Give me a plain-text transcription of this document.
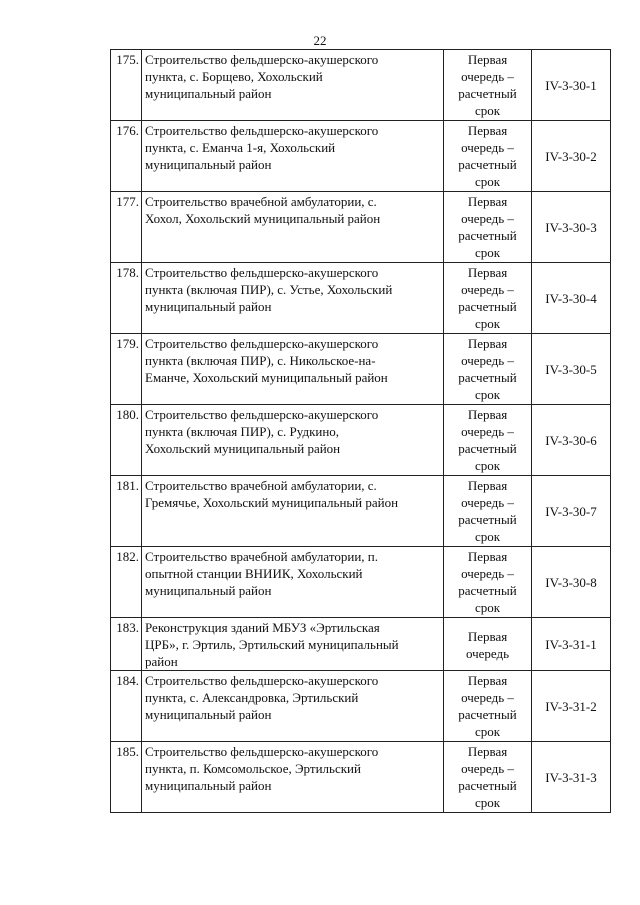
22
175.	Строительство фельдшерско-акушерского
пункта, с. Борщево, Хохольский
муниципальный район	Первая
очередь –
расчетный
срок	IV-3-30-1
176.	Строительство фельдшерско-акушерского
пункта, с. Еманча 1-я, Хохольский
муниципальный район	Первая
очередь –
расчетный
срок	IV-3-30-2
177.	Строительство врачебной амбулатории, с.
Хохол, Хохольский муниципальный район	Первая
очередь –
расчетный
срок	IV-3-30-3
178.	Строительство фельдшерско-акушерского
пункта (включая ПИР), с. Устье, Хохольский
муниципальный район	Первая
очередь –
расчетный
срок	IV-3-30-4
179.	Строительство фельдшерско-акушерского
пункта (включая ПИР), с. Никольское-на-
Еманче, Хохольский муниципальный район	Первая
очередь –
расчетный
срок	IV-3-30-5
180.	Строительство фельдшерско-акушерского
пункта (включая ПИР), с. Рудкино,
Хохольский муниципальный район	Первая
очередь –
расчетный
срок	IV-3-30-6
181.	Строительство врачебной амбулатории, с.
Гремячье, Хохольский муниципальный район	Первая
очередь –
расчетный
срок	IV-3-30-7
182.	Строительство врачебной амбулатории, п.
опытной станции ВНИИК, Хохольский
муниципальный район	Первая
очередь –
расчетный
срок	IV-3-30-8
183.	Реконструкция зданий МБУЗ «Эртильская
ЦРБ», г. Эртиль, Эртильский муниципальный
район	Первая
очередь	IV-3-31-1
184.	Строительство фельдшерско-акушерского
пункта, с. Александровка, Эртильский
муниципальный район	Первая
очередь –
расчетный
срок	IV-3-31-2
185.	Строительство фельдшерско-акушерского
пункта, п. Комсомольское, Эртильский
муниципальный район	Первая
очередь –
расчетный
срок	IV-3-31-3
